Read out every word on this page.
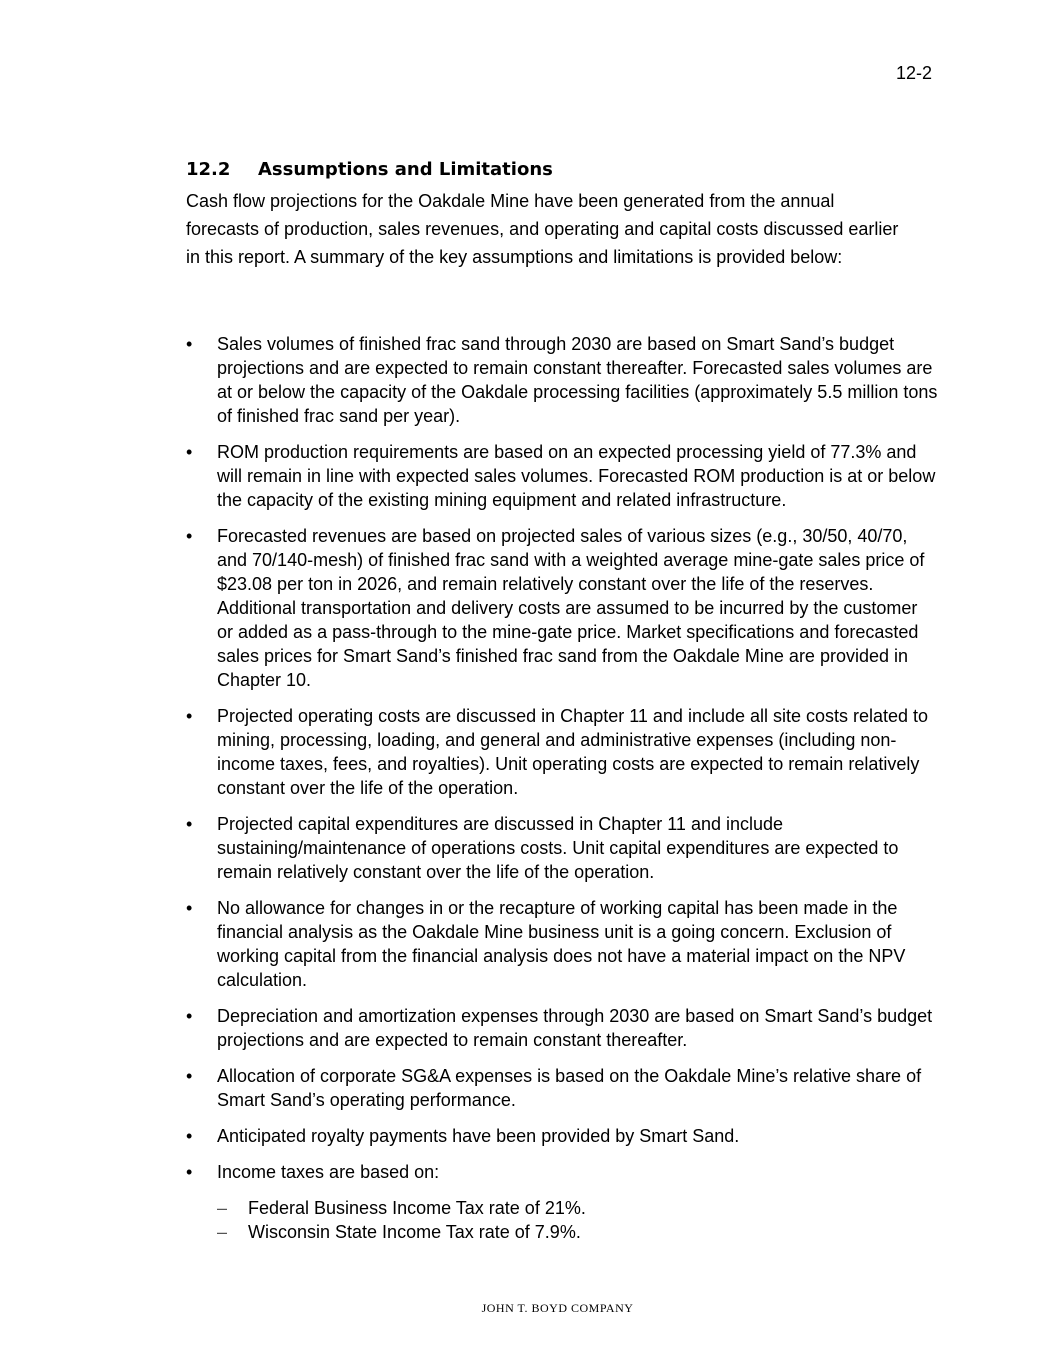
12-2
12.2 Assumptions and Limitations

Cash flow projections for the Oakdale Mine have been generated from the annual forecasts of production, sales revenues, and operating and capital costs discussed earlier in this report. A summary of the key assumptions and limitations is provided below:

•	Sales volumes of finished frac sand through 2030 are based on Smart Sand’s budget projections and are expected to remain constant thereafter. Forecasted sales volumes are at or below the capacity of the Oakdale processing facilities (approximately 5.5 million tons of finished frac sand per year).
•	ROM production requirements are based on an expected processing yield of 77.3% and will remain in line with expected sales volumes. Forecasted ROM production is at or below the capacity of the existing mining equipment and related infrastructure.
•	Forecasted revenues are based on projected sales of various sizes (e.g., 30/50, 40/70, and 70/140-mesh) of finished frac sand with a weighted average mine-gate sales price of $23.08 per ton in 2026, and remain relatively constant over the life of the reserves. Additional transportation and delivery costs are assumed to be incurred by the customer or added as a pass-through to the mine-gate price. Market specifications and forecasted sales prices for Smart Sand’s finished frac sand from the Oakdale Mine are provided in Chapter 10.
•	Projected operating costs are discussed in Chapter 11 and include all site costs related to mining, processing, loading, and general and administrative expenses (including non-income taxes, fees, and royalties). Unit operating costs are expected to remain relatively constant over the life of the operation.
•	Projected capital expenditures are discussed in Chapter 11 and include sustaining/maintenance of operations costs. Unit capital expenditures are expected to remain relatively constant over the life of the operation.
•	No allowance for changes in or the recapture of working capital has been made in the financial analysis as the Oakdale Mine business unit is a going concern. Exclusion of working capital from the financial analysis does not have a material impact on the NPV calculation.
•	Depreciation and amortization expenses through 2030 are based on Smart Sand’s budget projections and are expected to remain constant thereafter.
•	Allocation of corporate SG&A expenses is based on the Oakdale Mine’s relative share of Smart Sand’s operating performance.
•	Anticipated royalty payments have been provided by Smart Sand.
•	Income taxes are based on:
– Federal Business Income Tax rate of 21%.
– Wisconsin State Income Tax rate of 7.9%.
JOHN T. BOYD COMPANY
